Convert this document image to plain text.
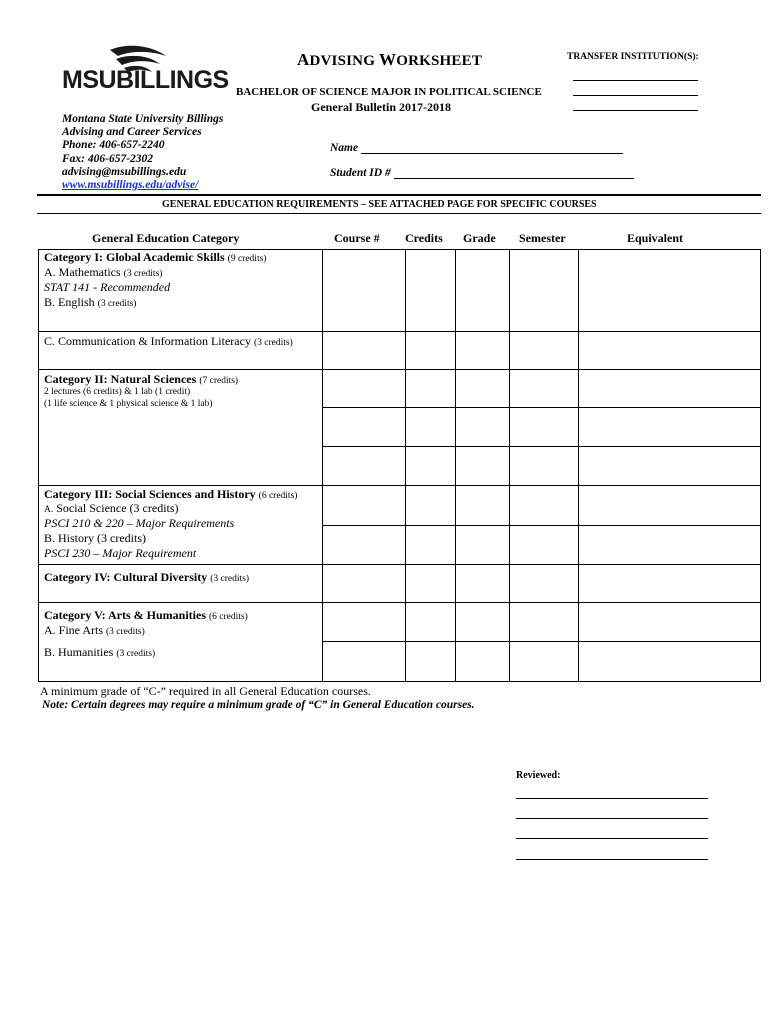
MSUBILLINGS
Montana State University Billings
Advising and Career Services
Phone: 406-657-2240
Fax: 406-657-2302
advising@msubillings.edu
www.msubillings.edu/advise/
ADVISING WORKSHEET
BACHELOR OF SCIENCE MAJOR IN POLITICAL SCIENCE
General Bulletin 2017-2018
TRANSFER INSTITUTION(S):
Name
Student ID #
GENERAL EDUCATION REQUIREMENTS – SEE ATTACHED PAGE FOR SPECIFIC COURSES
General Education Category	Course # Credits Grade Semester	Equivalent
Category I: Global Academic Skills (9 credits)
A. Mathematics (3 credits)
STAT 141 - Recommended
B. English (3 credits)
C. Communication & Information Literacy (3 credits)
Category II: Natural Sciences (7 credits)
2 lectures (6 credits) & 1 lab (1 credit)
(1 life science & 1 physical science & 1 lab)
Category III: Social Sciences and History (6 credits)
A. Social Science (3 credits)
PSCI 210 & 220 – Major Requirements
B. History (3 credits)
PSCI 230 – Major Requirement
Category IV: Cultural Diversity (3 credits)
Category V: Arts & Humanities (6 credits)
A. Fine Arts (3 credits)
B. Humanities (3 credits)
A minimum grade of “C-” required in all General Education courses.
Note: Certain degrees may require a minimum grade of “C” in General Education courses.
Reviewed:
